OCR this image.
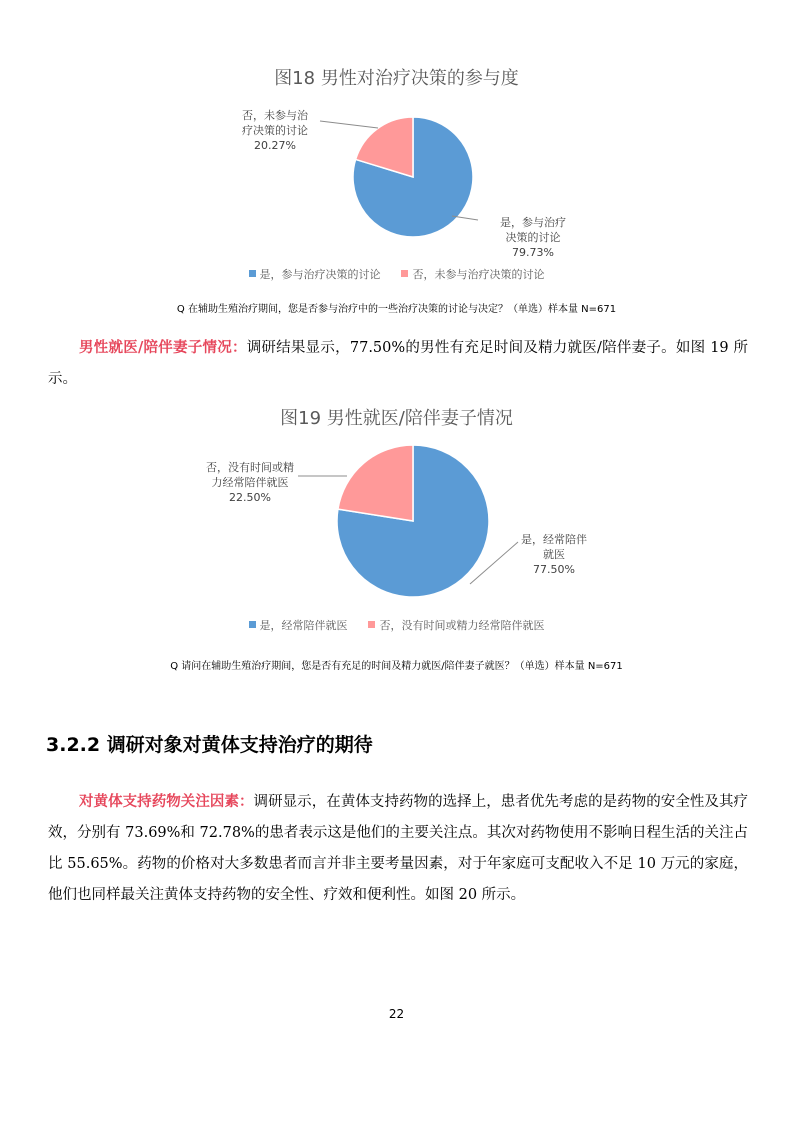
图18 男性对治疗决策的参与度
否，未参与治
疗决策的讨论
20.27%
是，参与治疗
决策的讨论
79.73%
是，参与治疗决策的讨论	否，未参与治疗决策的讨论
Q 在辅助生殖治疗期间，您是否参与治疗中的一些治疗决策的讨论与决定？（单选）样本量 N=671
男性就医/陪伴妻子情况：调研结果显示，77.50%的男性有充足时间及精力就医/陪伴妻子。如图 19 所示。
图19 男性就医/陪伴妻子情况
否，没有时间或精
力经常陪伴就医
22.50%
是，经常陪伴
就医
77.50%
是，经常陪伴就医	否，没有时间或精力经常陪伴就医
Q 请问在辅助生殖治疗期间，您是否有充足的时间及精力就医/陪伴妻子就医？（单选）样本量 N=671
3.2.2 调研对象对黄体支持治疗的期待
对黄体支持药物关注因素：调研显示，在黄体支持药物的选择上，患者优先考虑的是药物的安全性及其疗效，分别有 73.69%和 72.78%的患者表示这是他们的主要关注点。其次对药物使用不影响日程生活的关注占比 55.65%。药物的价格对大多数患者而言并非主要考量因素，对于年家庭可支配收入不足 10 万元的家庭，他们也同样最关注黄体支持药物的安全性、疗效和便利性。如图 20 所示。
22
